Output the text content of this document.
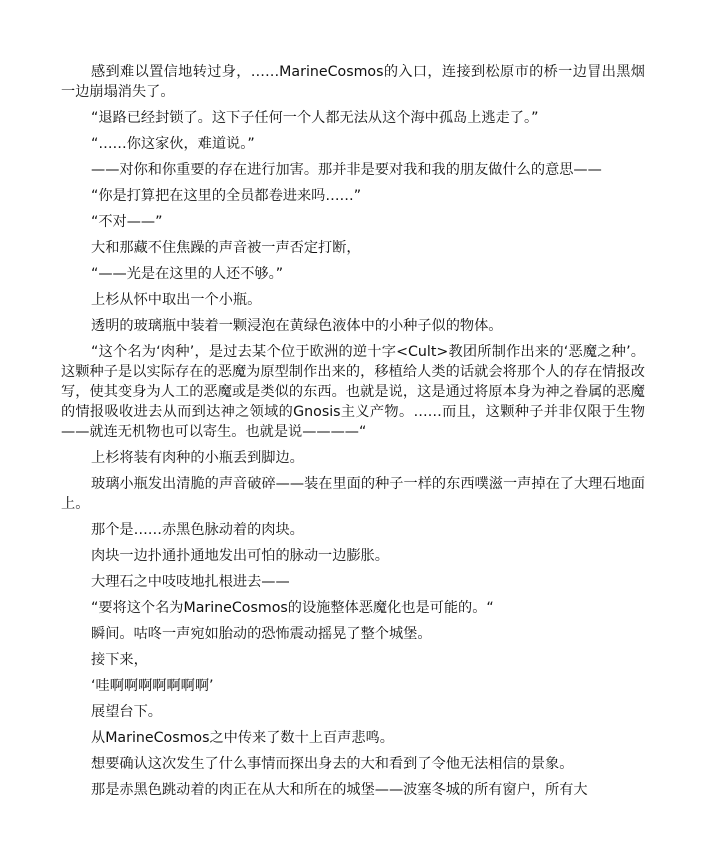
感到难以置信地转过身，……MarineCosmos的入口，连接到松原市的桥一边冒出黑烟一边崩塌消失了。

“退路已经封锁了。这下子任何一个人都无法从这个海中孤岛上逃走了。”

“……你这家伙，难道说。”

——对你和你重要的存在进行加害。那并非是要对我和我的朋友做什么的意思——

“你是打算把在这里的全员都卷进来吗……”

“不对——”

大和那藏不住焦躁的声音被一声否定打断，

“——光是在这里的人还不够。”

上杉从怀中取出一个小瓶。

透明的玻璃瓶中装着一颗浸泡在黄绿色液体中的小种子似的物体。

“这个名为‘肉种’，是过去某个位于欧洲的逆十字<Cult>教团所制作出来的‘恶魔之种’。这颗种子是以实际存在的恶魔为原型制作出来的，移植给人类的话就会将那个人的存在情报改写，使其变身为人工的恶魔或是类似的东西。也就是说，这是通过将原本身为神之眷属的恶魔的情报吸收进去从而到达神之领域的Gnosis主义产物。……而且，这颗种子并非仅限于生物——就连无机物也可以寄生。也就是说————“

上杉将装有肉种的小瓶丢到脚边。

玻璃小瓶发出清脆的声音破碎——装在里面的种子一样的东西噗滋一声掉在了大理石地面上。

那个是……赤黑色脉动着的肉块。

肉块一边扑通扑通地发出可怕的脉动一边膨胀。

大理石之中吱吱地扎根进去——

“要将这个名为MarineCosmos的设施整体恶魔化也是可能的。“

瞬间。咕咚一声宛如胎动的恐怖震动摇晃了整个城堡。

接下来，

‘哇啊啊啊啊啊啊啊’

展望台下。

从MarineCosmos之中传来了数十上百声悲鸣。

想要确认这次发生了什么事情而探出身去的大和看到了令他无法相信的景象。

那是赤黑色跳动着的肉正在从大和所在的城堡——波塞冬城的所有窗户，所有大
